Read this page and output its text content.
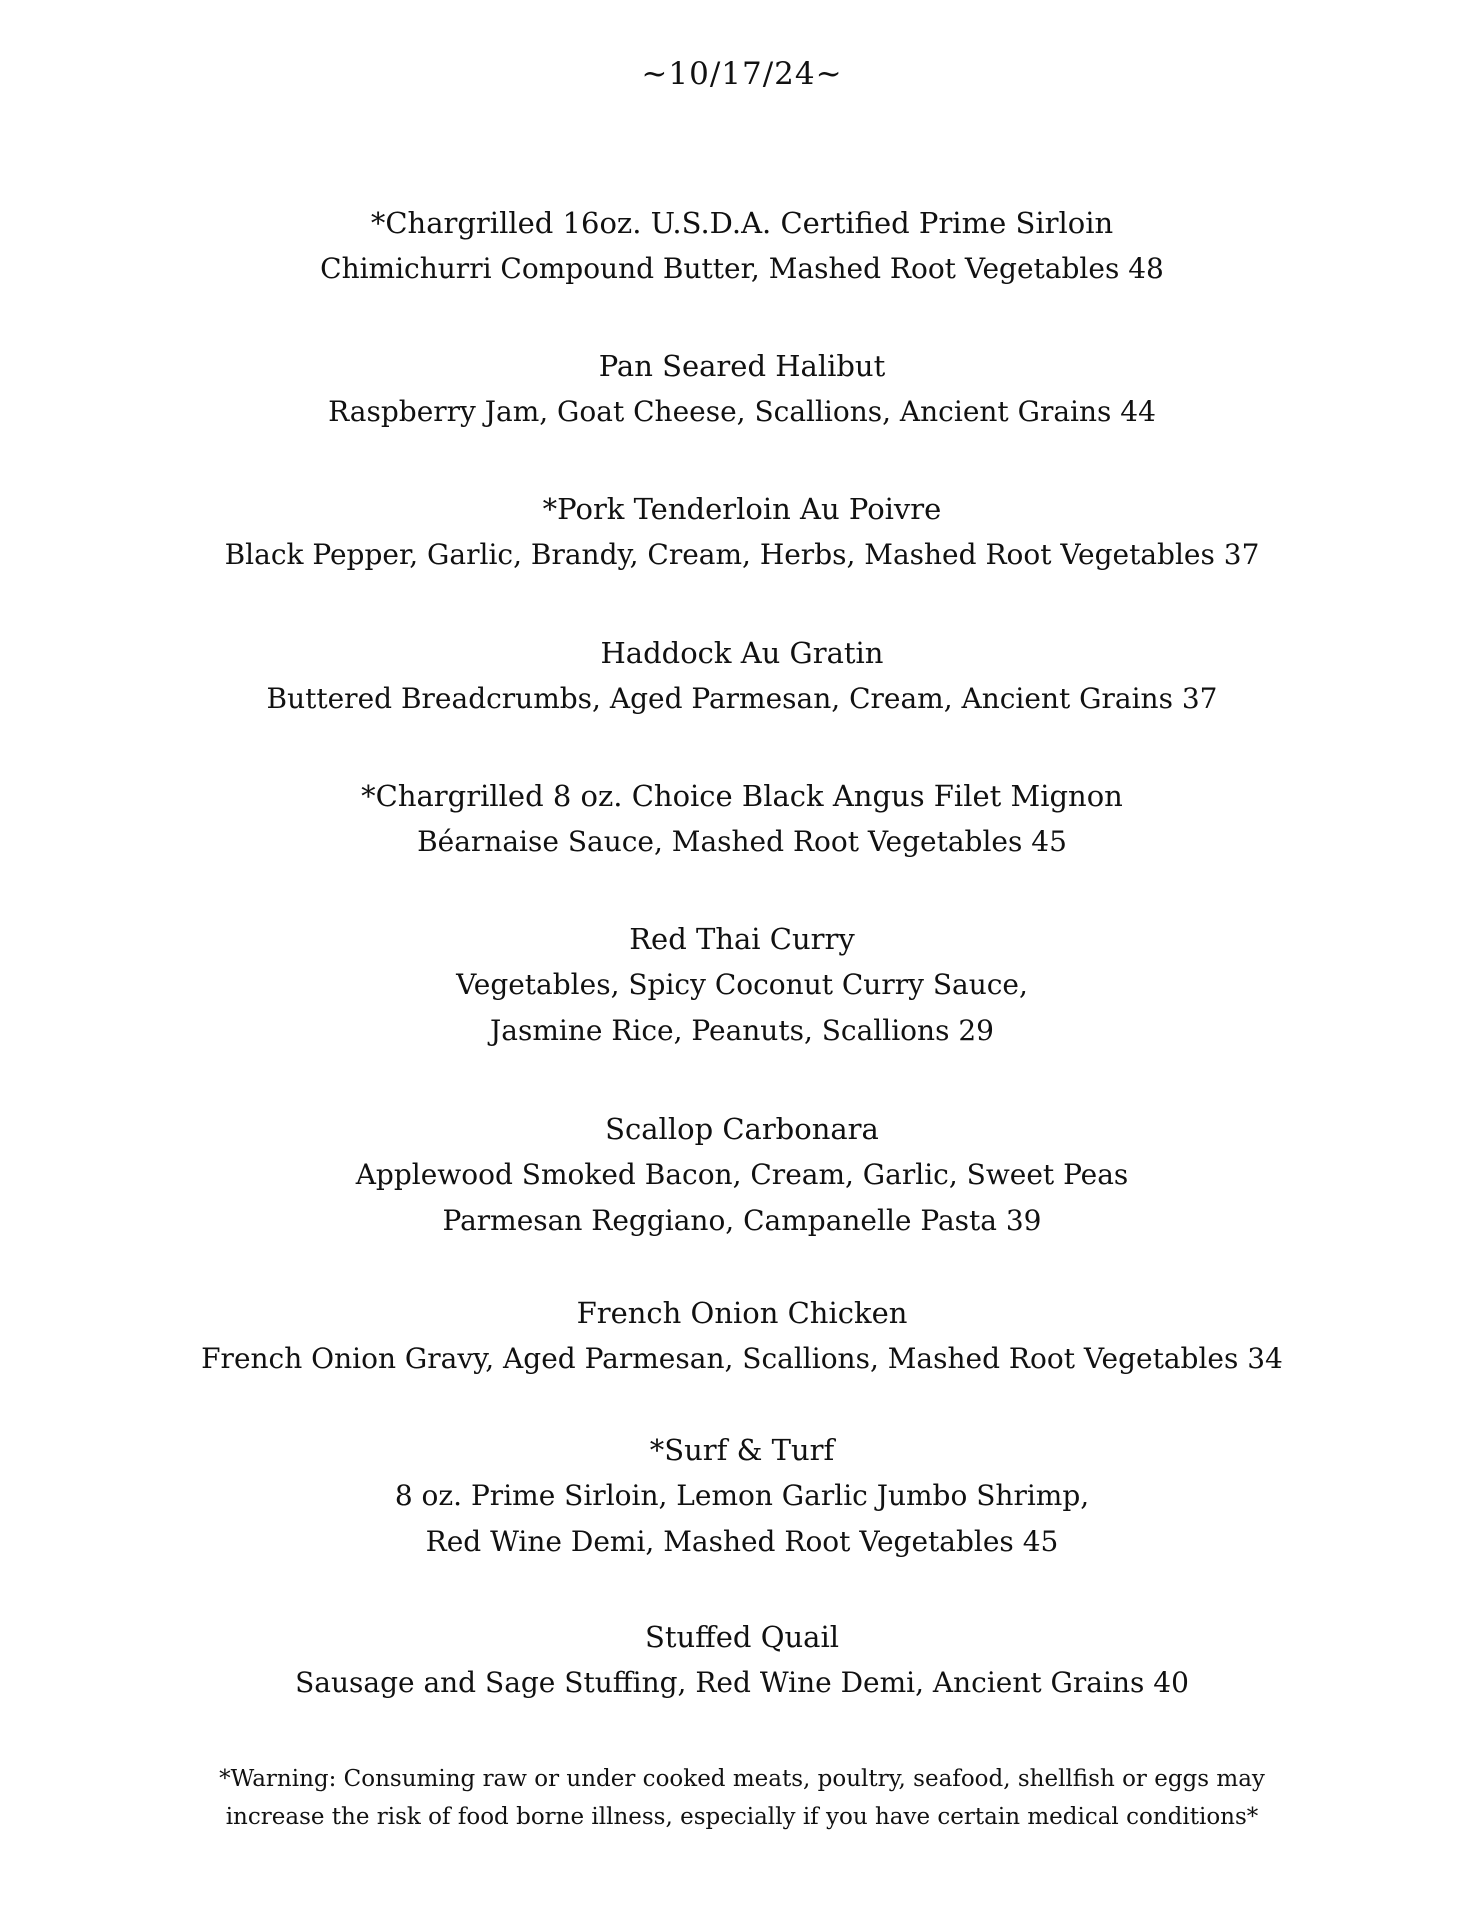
~10/17/24~
*Chargrilled 16oz. U.S.D.A. Certified Prime Sirloin
Chimichurri Compound Butter, Mashed Root Vegetables 48
Pan Seared Halibut
Raspberry Jam, Goat Cheese, Scallions, Ancient Grains 44
*Pork Tenderloin Au Poivre
Black Pepper, Garlic, Brandy, Cream, Herbs, Mashed Root Vegetables 37
Haddock Au Gratin
Buttered Breadcrumbs, Aged Parmesan, Cream, Ancient Grains 37
*Chargrilled 8 oz. Choice Black Angus Filet Mignon
Béarnaise Sauce, Mashed Root Vegetables 45
Red Thai Curry
Vegetables, Spicy Coconut Curry Sauce,
Jasmine Rice, Peanuts, Scallions 29
Scallop Carbonara
Applewood Smoked Bacon, Cream, Garlic, Sweet Peas
Parmesan Reggiano, Campanelle Pasta 39
French Onion Chicken
French Onion Gravy, Aged Parmesan, Scallions, Mashed Root Vegetables 34
*Surf & Turf
8 oz. Prime Sirloin, Lemon Garlic Jumbo Shrimp,
Red Wine Demi, Mashed Root Vegetables 45
Stuffed Quail
Sausage and Sage Stuffing, Red Wine Demi, Ancient Grains 40
*Warning: Consuming raw or under cooked meats, poultry, seafood, shellfish or eggs may
increase the risk of food borne illness, especially if you have certain medical conditions*
